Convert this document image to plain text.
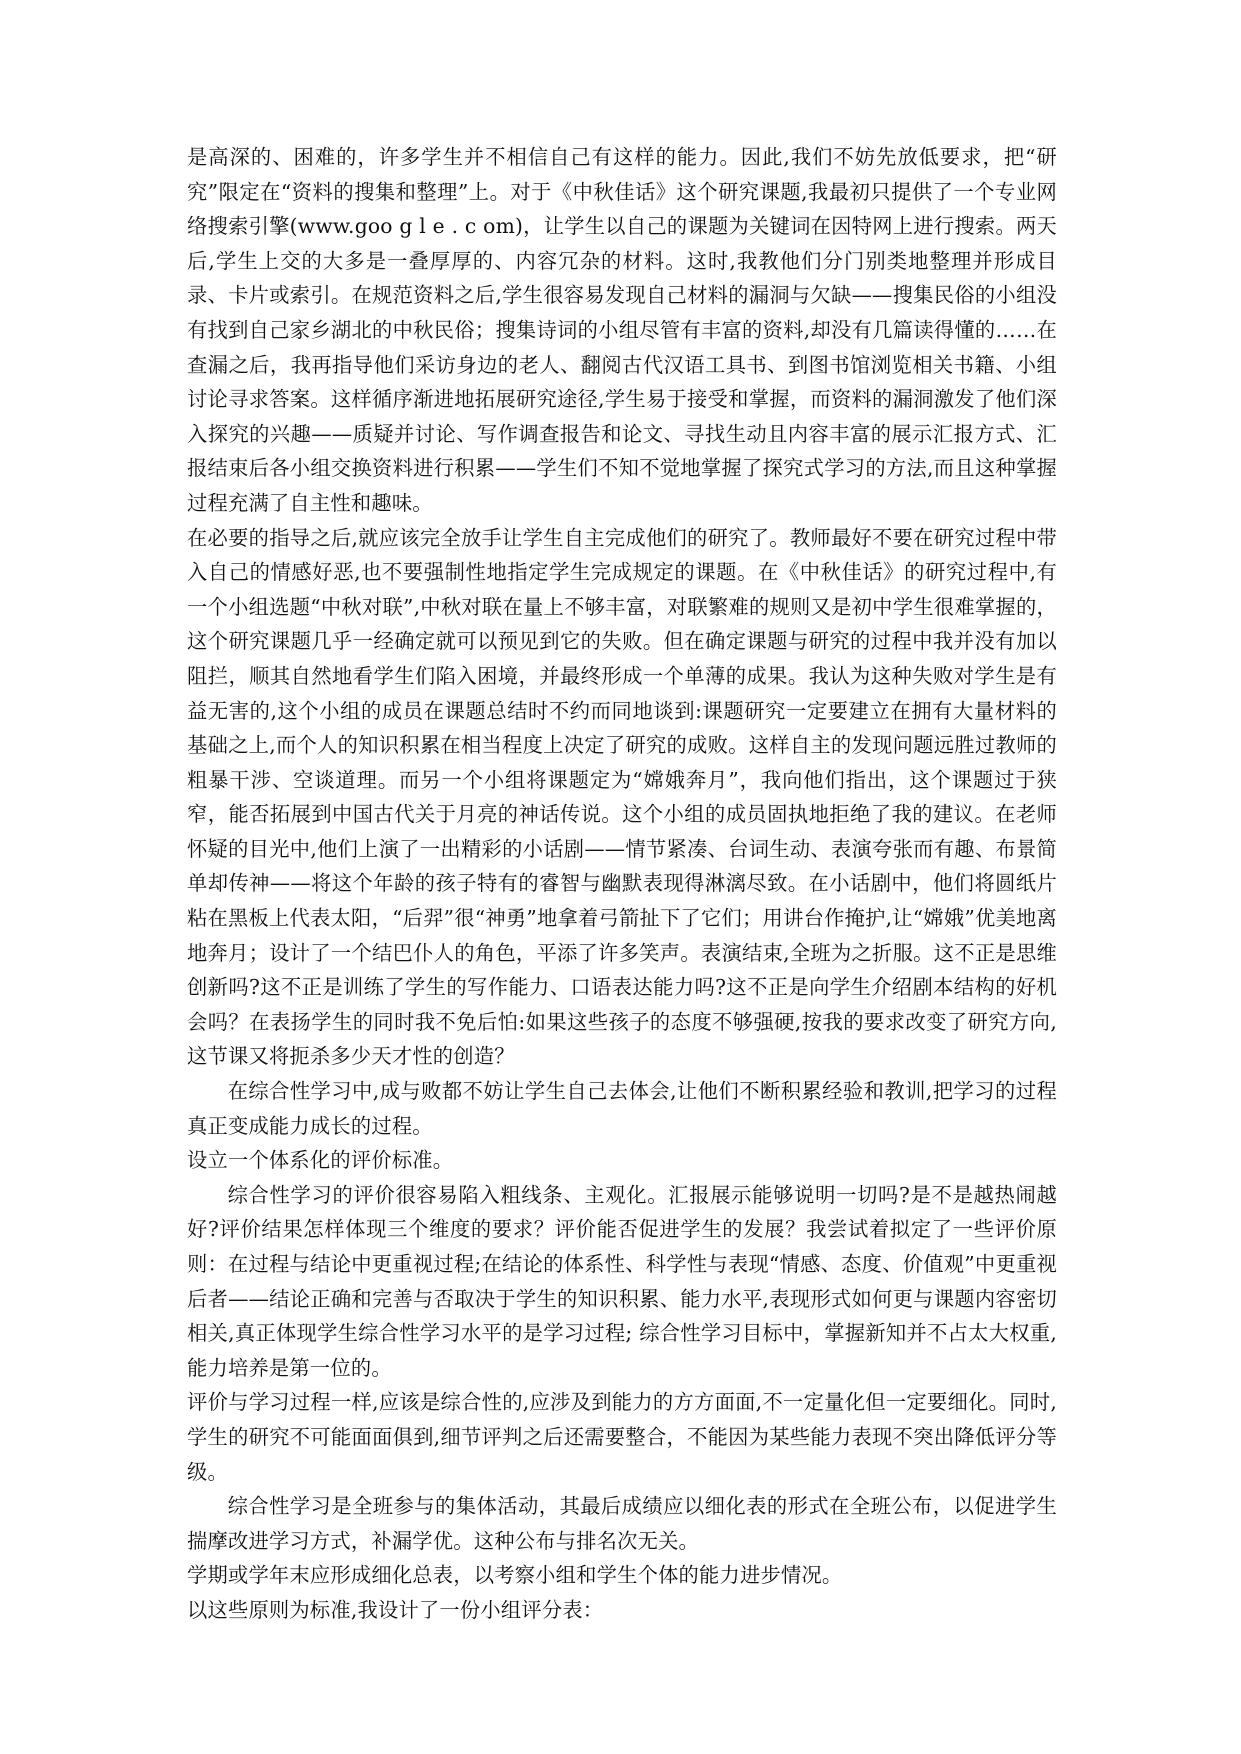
是高深的、困难的，许多学生并不相信自己有这样的能力。因此,我们不妨先放低要求，把“研究”限定在“资料的搜集和整理”上。对于《中秋佳话》这个研究课题,我最初只提供了一个专业网络搜索引擎(www.goo g l e . c om)，让学生以自己的课题为关键词在因特网上进行搜索。两天后,学生上交的大多是一叠厚厚的、内容冗杂的材料。这时,我教他们分门别类地整理并形成目录、卡片或索引。在规范资料之后,学生很容易发现自己材料的漏洞与欠缺——搜集民俗的小组没有找到自己家乡湖北的中秋民俗；搜集诗词的小组尽管有丰富的资料,却没有几篇读得懂的……在查漏之后，我再指导他们采访身边的老人、翻阅古代汉语工具书、到图书馆浏览相关书籍、小组讨论寻求答案。这样循序渐进地拓展研究途径,学生易于接受和掌握，而资料的漏洞激发了他们深入探究的兴趣——质疑并讨论、写作调查报告和论文、寻找生动且内容丰富的展示汇报方式、汇报结束后各小组交换资料进行积累——学生们不知不觉地掌握了探究式学习的方法,而且这种掌握过程充满了自主性和趣味。

在必要的指导之后,就应该完全放手让学生自主完成他们的研究了。教师最好不要在研究过程中带入自己的情感好恶,也不要强制性地指定学生完成规定的课题。在《中秋佳话》的研究过程中,有一个小组选题“中秋对联”,中秋对联在量上不够丰富，对联繁难的规则又是初中学生很难掌握的，这个研究课题几乎一经确定就可以预见到它的失败。但在确定课题与研究的过程中我并没有加以阻拦，顺其自然地看学生们陷入困境，并最终形成一个单薄的成果。我认为这种失败对学生是有益无害的,这个小组的成员在课题总结时不约而同地谈到:课题研究一定要建立在拥有大量材料的基础之上,而个人的知识积累在相当程度上决定了研究的成败。这样自主的发现问题远胜过教师的粗暴干涉、空谈道理。而另一个小组将课题定为“嫦娥奔月”，我向他们指出，这个课题过于狭窄，能否拓展到中国古代关于月亮的神话传说。这个小组的成员固执地拒绝了我的建议。在老师怀疑的目光中,他们上演了一出精彩的小话剧——情节紧凑、台词生动、表演夸张而有趣、布景简单却传神——将这个年龄的孩子特有的睿智与幽默表现得淋漓尽致。在小话剧中，他们将圆纸片粘在黑板上代表太阳，“后羿”很“神勇”地拿着弓箭扯下了它们；用讲台作掩护,让“嫦娥”优美地离地奔月；设计了一个结巴仆人的角色，平添了许多笑声。表演结束,全班为之折服。这不正是思维创新吗?这不正是训练了学生的写作能力、口语表达能力吗?这不正是向学生介绍剧本结构的好机会吗？在表扬学生的同时我不免后怕:如果这些孩子的态度不够强硬,按我的要求改变了研究方向,这节课又将扼杀多少天才性的创造？

在综合性学习中,成与败都不妨让学生自己去体会,让他们不断积累经验和教训,把学习的过程真正变成能力成长的过程。

设立一个体系化的评价标准。

综合性学习的评价很容易陷入粗线条、主观化。汇报展示能够说明一切吗?是不是越热闹越好?评价结果怎样体现三个维度的要求？评价能否促进学生的发展？我尝试着拟定了一些评价原则：在过程与结论中更重视过程;在结论的体系性、科学性与表现“情感、态度、价值观”中更重视后者——结论正确和完善与否取决于学生的知识积累、能力水平,表现形式如何更与课题内容密切相关,真正体现学生综合性学习水平的是学习过程; 综合性学习目标中，掌握新知并不占太大权重,能力培养是第一位的。

评价与学习过程一样,应该是综合性的,应涉及到能力的方方面面,不一定量化但一定要细化。同时,学生的研究不可能面面俱到,细节评判之后还需要整合，不能因为某些能力表现不突出降低评分等级。

综合性学习是全班参与的集体活动，其最后成绩应以细化表的形式在全班公布，以促进学生揣摩改进学习方式，补漏学优。这种公布与排名次无关。

学期或学年末应形成细化总表，以考察小组和学生个体的能力进步情况。

以这些原则为标准,我设计了一份小组评分表：
